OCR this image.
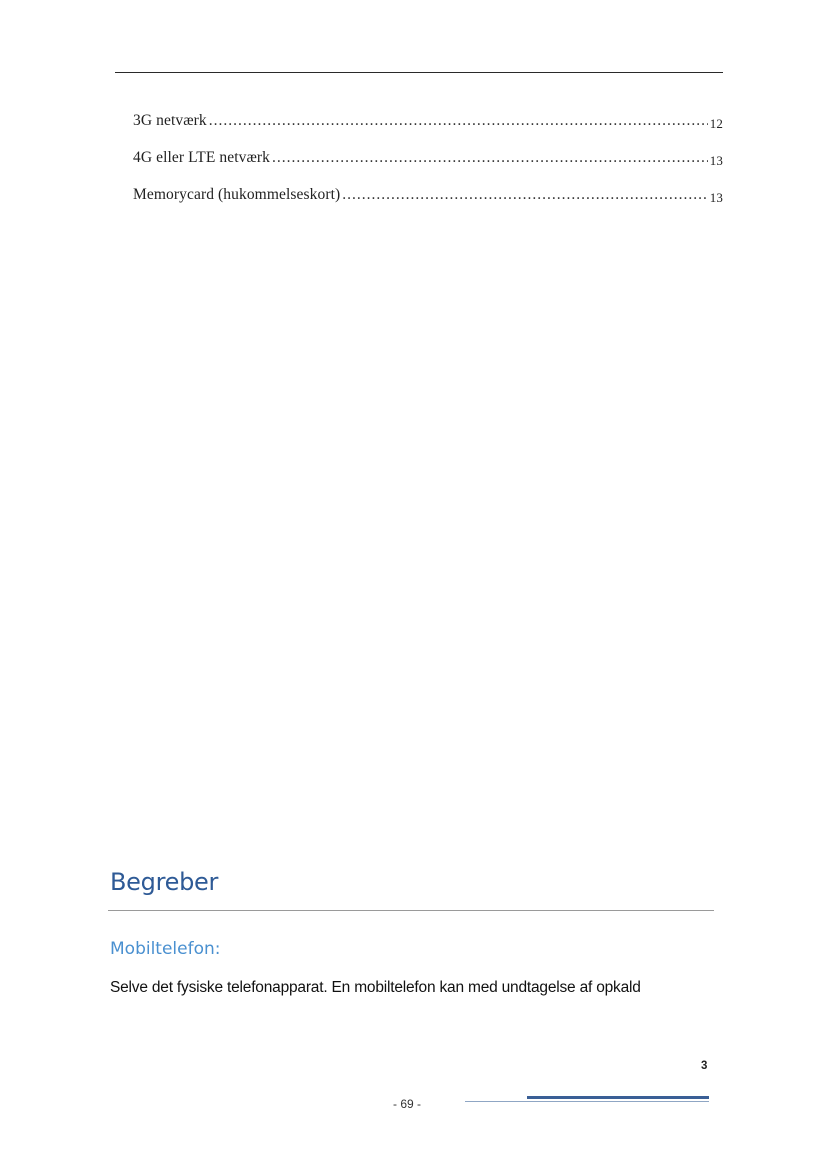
3G netværk .....	12
4G eller LTE netværk .....	13
Memorycard (hukommelseskort) .....	13
Begreber
Mobiltelefon:

Selve det fysiske telefonapparat. En mobiltelefon kan med undtagelse af opkald

3
- 69 -
